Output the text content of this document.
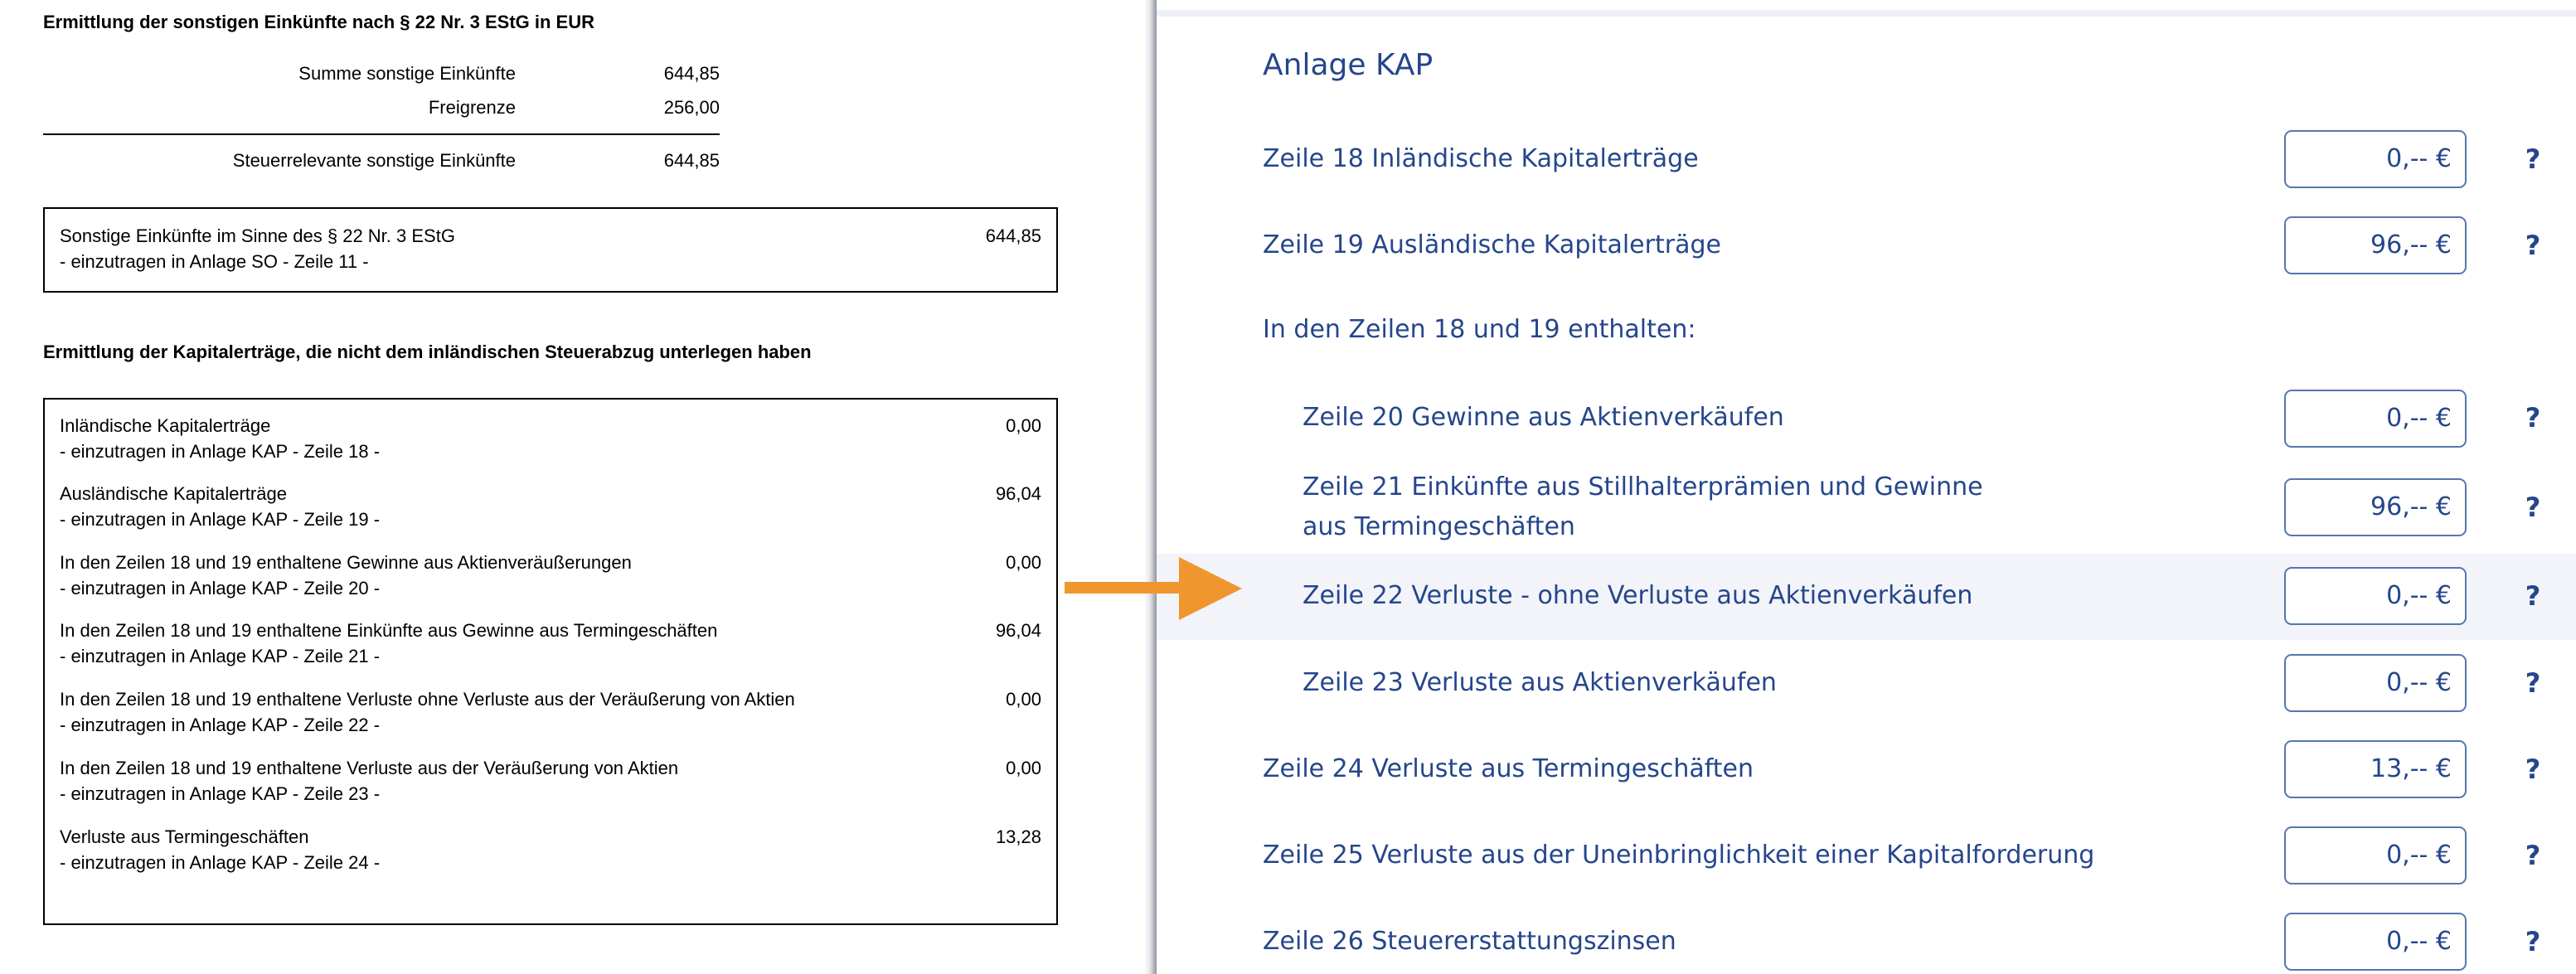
Ermittlung der sonstigen Einkünfte nach § 22 Nr. 3 EStG in EUR
Summe sonstige Einkünfte	644,85
Freigrenze	256,00
Steuerrelevante sonstige Einkünfte	644,85
Sonstige Einkünfte im Sinne des § 22 Nr. 3 EStG
- einzutragen in Anlage SO - Zeile 11 -
644,85
Ermittlung der Kapitalerträge, die nicht dem inländischen Steuerabzug unterlegen haben
Inländische Kapitalerträge
- einzutragen in Anlage KAP - Zeile 18 -
0,00
Ausländische Kapitalerträge
- einzutragen in Anlage KAP - Zeile 19 -
96,04
In den Zeilen 18 und 19 enthaltene Gewinne aus Aktienveräußerungen
- einzutragen in Anlage KAP - Zeile 20 -
0,00
In den Zeilen 18 und 19 enthaltene Einkünfte aus Gewinne aus Termingeschäften
- einzutragen in Anlage KAP - Zeile 21 -
96,04
In den Zeilen 18 und 19 enthaltene Verluste ohne Verluste aus der Veräußerung von Aktien
- einzutragen in Anlage KAP - Zeile 22 -
0,00
In den Zeilen 18 und 19 enthaltene Verluste aus der Veräußerung von Aktien
- einzutragen in Anlage KAP - Zeile 23 -
0,00
Verluste aus Termingeschäften
- einzutragen in Anlage KAP - Zeile 24 -
13,28
Anlage KAP
Zeile 18 Inländische Kapitalerträge	0,-- €	?
Zeile 19 Ausländische Kapitalerträge	96,-- €	?
In den Zeilen 18 und 19 enthalten:
Zeile 20 Gewinne aus Aktienverkäufen	0,-- €	?
Zeile 21 Einkünfte aus Stillhalterprämien und Gewinne aus Termingeschäften
96,-- €	?
Zeile 22 Verluste - ohne Verluste aus Aktienverkäufen	0,-- €	?
Zeile 23 Verluste aus Aktienverkäufen	0,-- €	?
Zeile 24 Verluste aus Termingeschäften	13,-- €	?
Zeile 25 Verluste aus der Uneinbringlichkeit einer Kapitalforderung	0,-- €	?
Zeile 26 Steuererstattungszinsen	0,-- €	?
